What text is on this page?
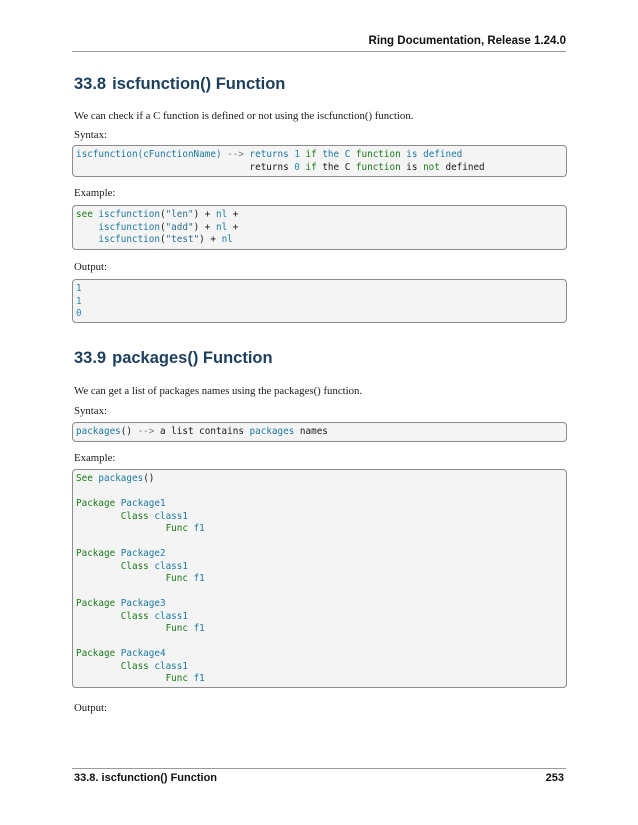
Ring Documentation, Release 1.24.0
33.8 iscfunction() Function
We can check if a C function is defined or not using the iscfunction() function.
Syntax:
iscfunction(cFunctionName) --> returns 1 if the C function is defined
returns 0 if the C function is not defined
Example:
see iscfunction("len") + nl +
iscfunction("add") + nl +
iscfunction("test") + nl
Output:
1
1
0
33.9 packages() Function
We can get a list of packages names using the packages() function.
Syntax:
packages() --> a list contains packages names
Example:
See packages()
Package Package1
Class class1
Func f1
Package Package2
Class class1
Func f1
Package Package3
Class class1
Func f1
Package Package4
Class class1
Func f1
Output:
33.8. iscfunction() Function	253
